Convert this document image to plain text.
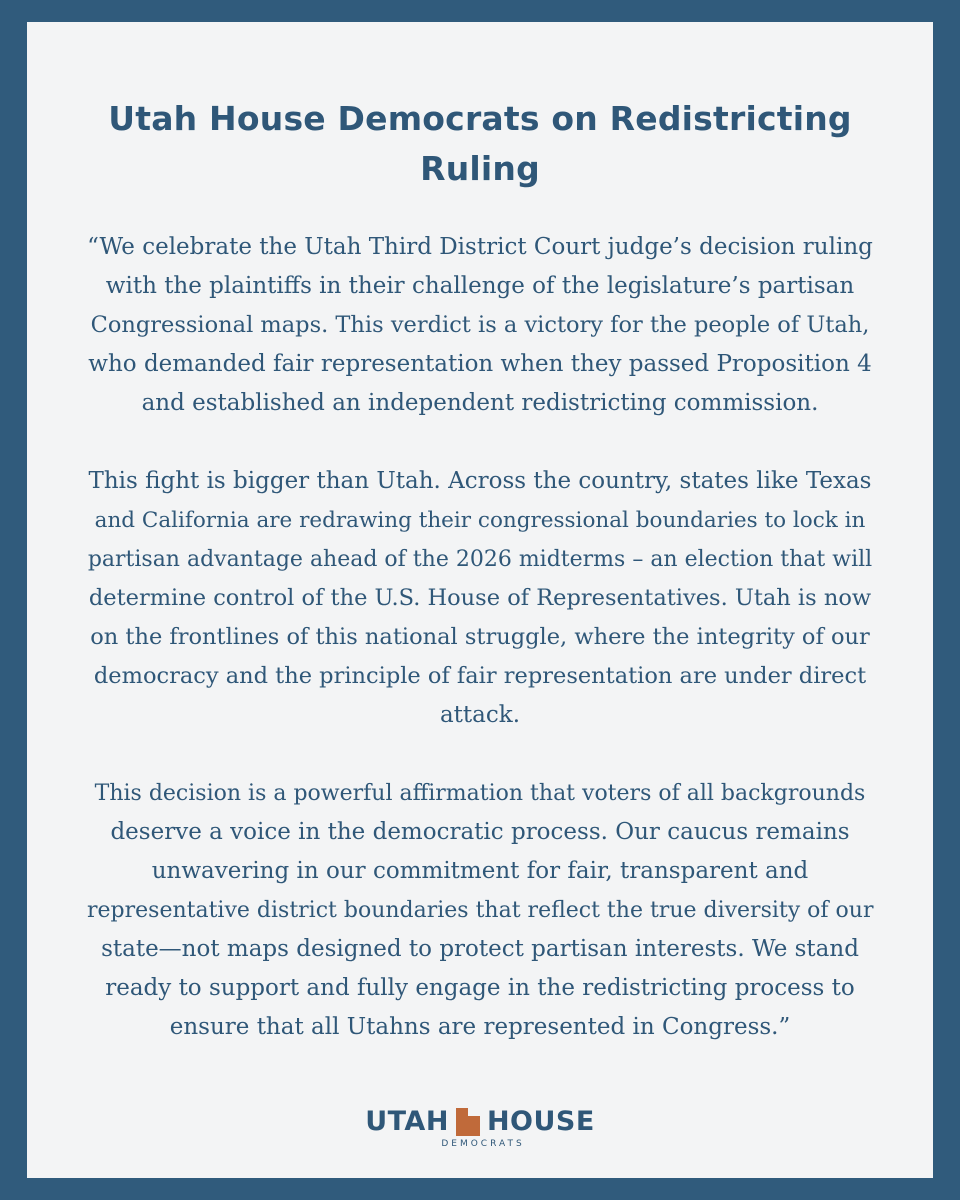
Utah House Democrats on Redistricting
Ruling

“We celebrate the Utah Third District Court judge’s decision ruling
with the plaintiffs in their challenge of the legislature’s partisan
Congressional maps. This verdict is a victory for the people of Utah,
who demanded fair representation when they passed Proposition 4
and established an independent redistricting commission.

This fight is bigger than Utah. Across the country, states like Texas
and California are redrawing their congressional boundaries to lock in
partisan advantage ahead of the 2026 midterms – an election that will
determine control of the U.S. House of Representatives. Utah is now
on the frontlines of this national struggle, where the integrity of our
democracy and the principle of fair representation are under direct
attack.

This decision is a powerful affirmation that voters of all backgrounds
deserve a voice in the democratic process. Our caucus remains
unwavering in our commitment for fair, transparent and
representative district boundaries that reflect the true diversity of our
state—not maps designed to protect partisan interests. We stand
ready to support and fully engage in the redistricting process to
ensure that all Utahns are represented in Congress.”

UTAH HOUSE
DEMOCRATS
